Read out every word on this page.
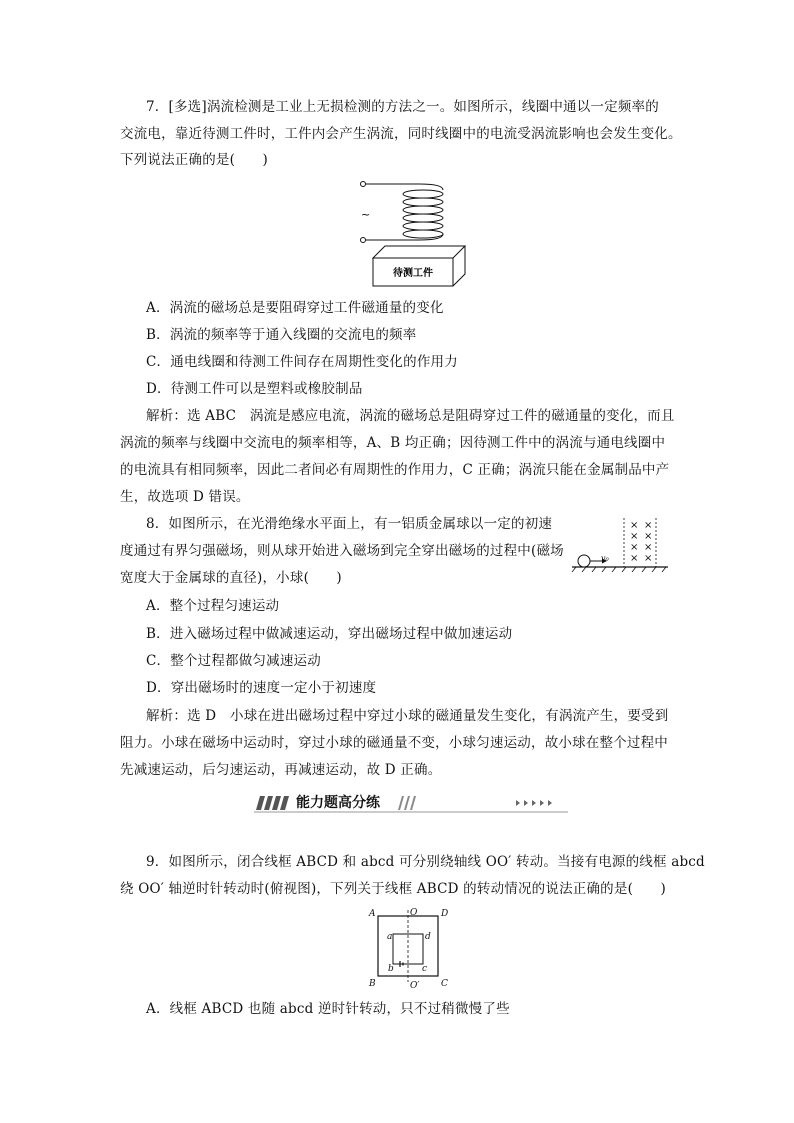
7．[多选]涡流检测是工业上无损检测的方法之一。如图所示，线圈中通以一定频率的
交流电，靠近待测工件时，工件内会产生涡流，同时线圈中的电流受涡流影响也会发生变化。
下列说法正确的是(　　)
~
待测工件
A．涡流的磁场总是要阻碍穿过工件磁通量的变化
B．涡流的频率等于通入线圈的交流电的频率
C．通电线圈和待测工件间存在周期性变化的作用力
D．待测工件可以是塑料或橡胶制品
解析：选 ABC　涡流是感应电流，涡流的磁场总是阻碍穿过工件的磁通量的变化，而且
涡流的频率与线圈中交流电的频率相等，A、B 均正确；因待测工件中的涡流与通电线圈中
的电流具有相同频率，因此二者间必有周期性的作用力，C 正确；涡流只能在金属制品中产
生，故选项 D 错误。
8．如图所示，在光滑绝缘水平面上，有一铝质金属球以一定的初速
度通过有界匀强磁场，则从球开始进入磁场到完全穿出磁场的过程中(磁场
宽度大于金属球的直径)，小球(　　)
v₀
× ×
× ×
× ×
× ×
A．整个过程匀速运动
B．进入磁场过程中做减速运动，穿出磁场过程中做加速运动
C．整个过程都做匀减速运动
D．穿出磁场时的速度一定小于初速度
解析：选 D　小球在进出磁场过程中穿过小球的磁通量发生变化，有涡流产生，要受到
阻力。小球在磁场中运动时，穿过小球的磁通量不变，小球匀速运动，故小球在整个过程中
先减速运动，后匀速运动，再减速运动，故 D 正确。
能力题高分练
9．如图所示，闭合线框 ABCD 和 abcd 可分别绕轴线 OO′ 转动。当接有电源的线框 abcd
绕 OO′ 轴逆时针转动时(俯视图)，下列关于线框 ABCD 的转动情况的说法正确的是(　　)
A	D
B	C
O
O′
a	d
b	c
A．线框 ABCD 也随 abcd 逆时针转动，只不过稍微慢了些
